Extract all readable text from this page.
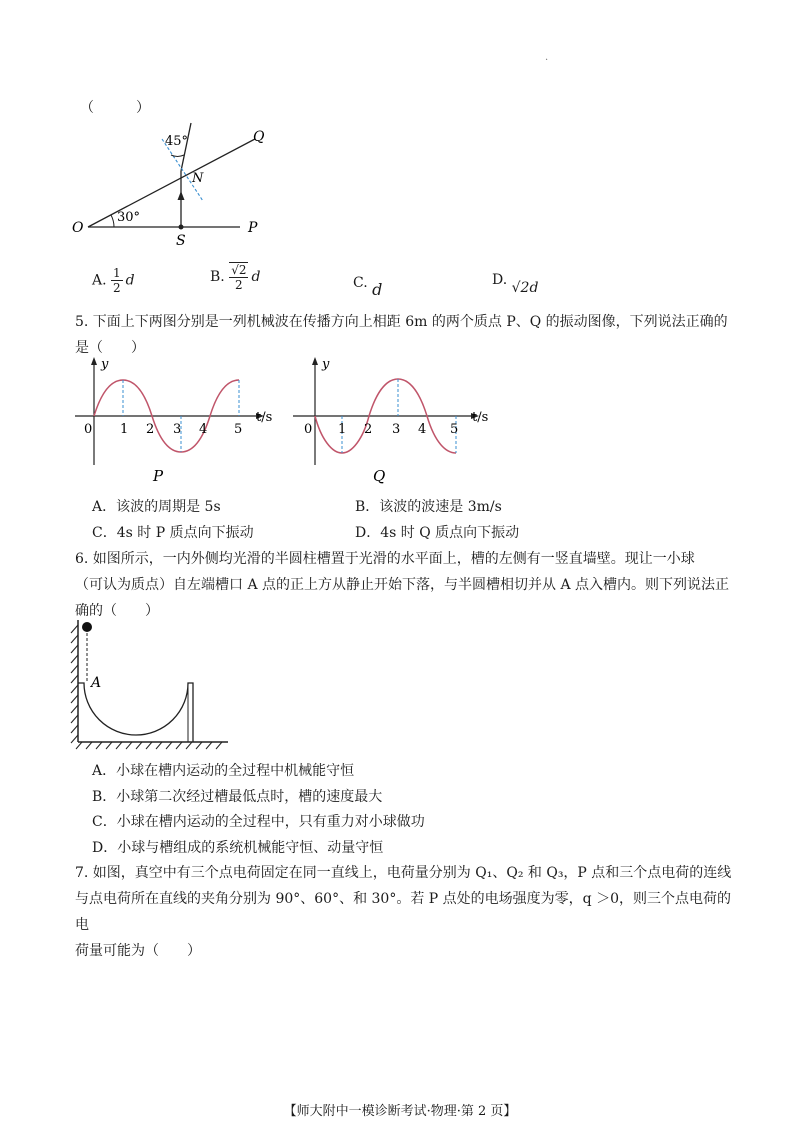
.
（　　　）
45°
30°
O
Q
N
S
P
A. $\frac{1}{2}$ d	B. $\frac{√2}{2}$ d	C. d	D. √2d
5. 下面上下两图分别是一列机械波在传播方向上相距 6m 的两个质点 P、Q 的振动图像，下列说法正确的
是（　　）
y
t/s
0 1 2 3 4 5
P
y
t/s
0 1 2 3 4 5
Q
A．该波的周期是 5s	B．该波的波速是 3m/s
C．4s 时 P 质点向下振动	D．4s 时 Q 质点向下振动
6. 如图所示，一内外侧均光滑的半圆柱槽置于光滑的水平面上，槽的左侧有一竖直墙壁。现让一小球
（可认为质点）自左端槽口 A 点的正上方从静止开始下落，与半圆槽相切并从 A 点入槽内。则下列说法正
确的（　　）
A
A．小球在槽内运动的全过程中机械能守恒
B．小球第二次经过槽最低点时，槽的速度最大
C．小球在槽内运动的全过程中，只有重力对小球做功
D．小球与槽组成的系统机械能守恒、动量守恒
7. 如图，真空中有三个点电荷固定在同一直线上，电荷量分别为 Q₁、Q₂ 和 Q₃，P 点和三个点电荷的连线
与点电荷所在直线的夹角分别为 90°、60°、和 30°。若 P 点处的电场强度为零，q ＞0，则三个点电荷的电
荷量可能为（　　）
【师大附中一模诊断考试·物理·第 2 页】
